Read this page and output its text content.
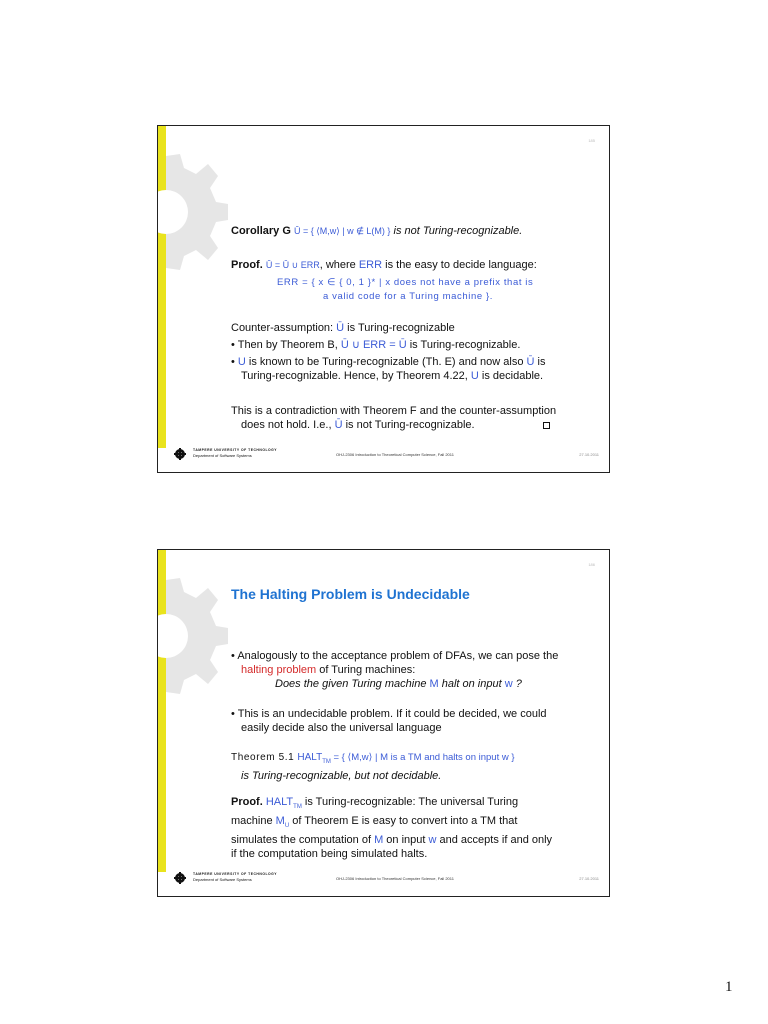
185
Corollary G Ū = { ⟨M,w⟩ | w ∉ L(M) } is not Turing-recognizable.
Proof. Ū = Ū ∪ ERR, where ERR is the easy to decide language:
ERR = { x ∈ { 0, 1 }* | x does not have a prefix that is
a valid code for a Turing machine }.
Counter-assumption: Ū is Turing-recognizable
• Then by Theorem B, Ū ∪ ERR = Ū is Turing-recognizable.
• U is known to be Turing-recognizable (Th. E) and now also Ū is Turing-recognizable. Hence, by Theorem 4.22, U is decidable.
This is a contradiction with Theorem F and the counter-assumption
does not hold. I.e., Ū is not Turing-recognizable.
TAMPERE UNIVERSITY OF TECHNOLOGY
Department of Software Systems	OHJ-2306 Introduction to Theoretical Computer Science, Fall 2011	27.10.2011
186
The Halting Problem is Undecidable
• Analogously to the acceptance problem of DFAs, we can pose the halting problem of Turing machines:
Does the given Turing machine M halt on input w ?
• This is an undecidable problem. If it could be decided, we could easily decide also the universal language
Theorem 5.1 $HALT_{TM}$ = { ⟨M,w⟩ | M is a TM and halts on input w }
is Turing-recognizable, but not decidable.
Proof. $HALT_{TM}$ is Turing-recognizable: The universal Turing machine $M_U$ of Theorem E is easy to convert into a TM that simulates the computation of M on input w and accepts if and only if the computation being simulated halts.
TAMPERE UNIVERSITY OF TECHNOLOGY
Department of Software Systems	OHJ-2306 Introduction to Theoretical Computer Science, Fall 2011	27.10.2011
1
